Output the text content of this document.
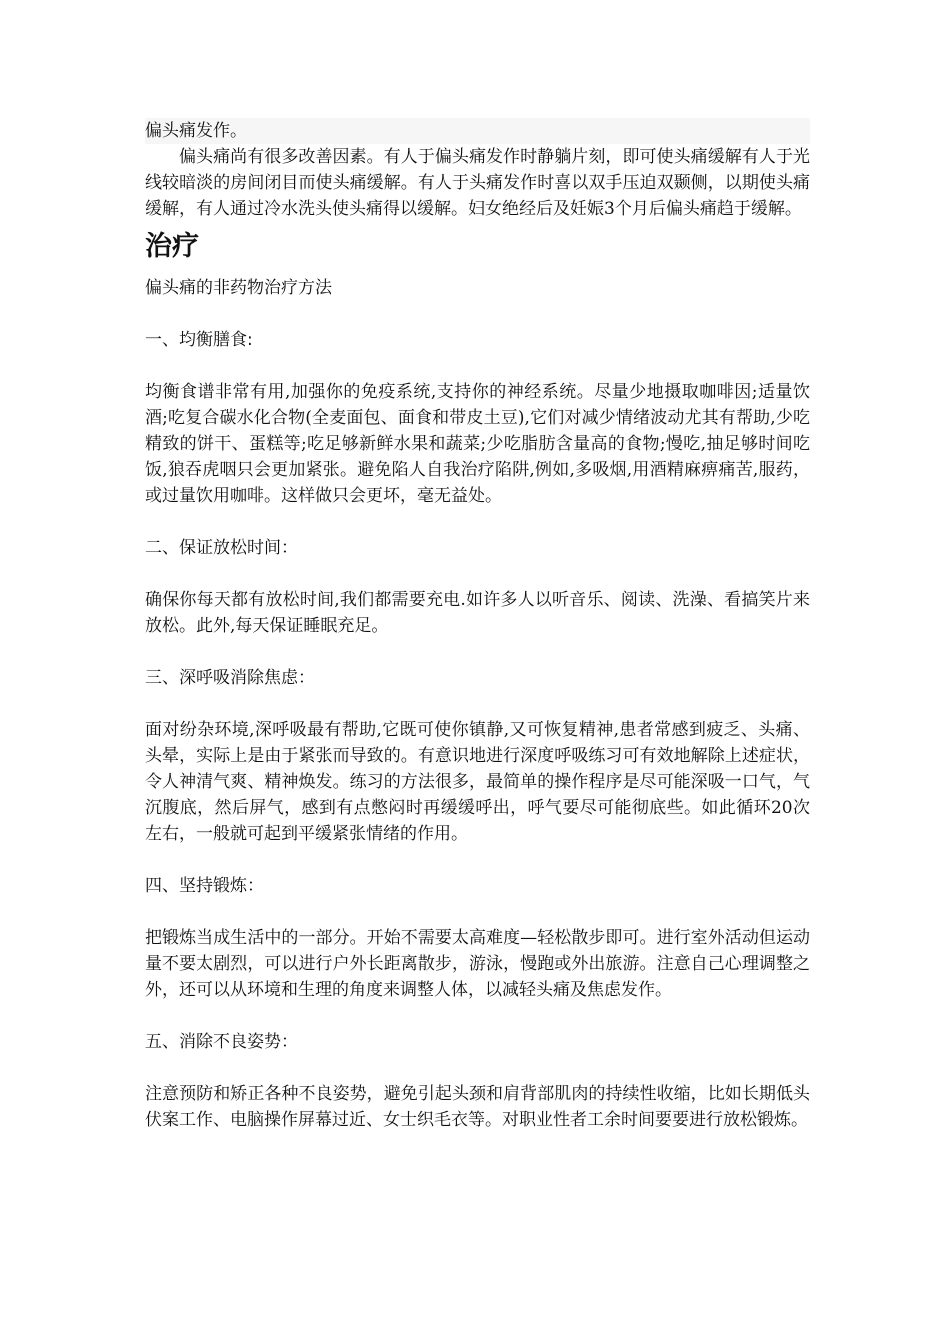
偏头痛发作。

偏头痛尚有很多改善因素。有人于偏头痛发作时静躺片刻，即可使头痛缓解有人于光线较暗淡的房间闭目而使头痛缓解。有人于头痛发作时喜以双手压迫双颞侧，以期使头痛缓解，有人通过冷水洗头使头痛得以缓解。妇女绝经后及妊娠3个月后偏头痛趋于缓解。

治疗

偏头痛的非药物治疗方法

一、均衡膳食:

均衡食谱非常有用,加强你的免疫系统,支持你的神经系统。尽量少地摄取咖啡因;适量饮酒;吃复合碳水化合物(全麦面包、面食和带皮土豆),它们对减少情绪波动尤其有帮助,少吃精致的饼干、蛋糕等;吃足够新鲜水果和蔬菜;少吃脂肪含量高的食物;慢吃,抽足够时间吃饭,狼吞虎咽只会更加紧张。避免陷人自我治疗陷阱,例如,多吸烟,用酒精麻痹痛苦,服药，或过量饮用咖啡。这样做只会更坏，毫无益处。

二、保证放松时间：

确保你每天都有放松时间,我们都需要充电.如许多人以听音乐、阅读、洗澡、看搞笑片来放松。此外,每天保证睡眠充足。

三、深呼吸消除焦虑：

面对纷杂环境,深呼吸最有帮助,它既可使你镇静,又可恢复精神,患者常感到疲乏、头痛、头晕，实际上是由于紧张而导致的。有意识地进行深度呼吸练习可有效地解除上述症状，令人神清气爽、精神焕发。练习的方法很多，最简单的操作程序是尽可能深吸一口气，气沉腹底，然后屏气，感到有点憋闷时再缓缓呼出，呼气要尽可能彻底些。如此循环20次左右，一般就可起到平缓紧张情绪的作用。

四、坚持锻炼：

把锻炼当成生活中的一部分。开始不需要太高难度—轻松散步即可。进行室外活动但运动量不要太剧烈，可以进行户外长距离散步，游泳，慢跑或外出旅游。注意自己心理调整之外，还可以从环境和生理的角度来调整人体，以减轻头痛及焦虑发作。

五、消除不良姿势：

注意预防和矫正各种不良姿势，避免引起头颈和肩背部肌肉的持续性收缩，比如长期低头伏案工作、电脑操作屏幕过近、女士织毛衣等。对职业性者工余时间要要进行放松锻炼。
